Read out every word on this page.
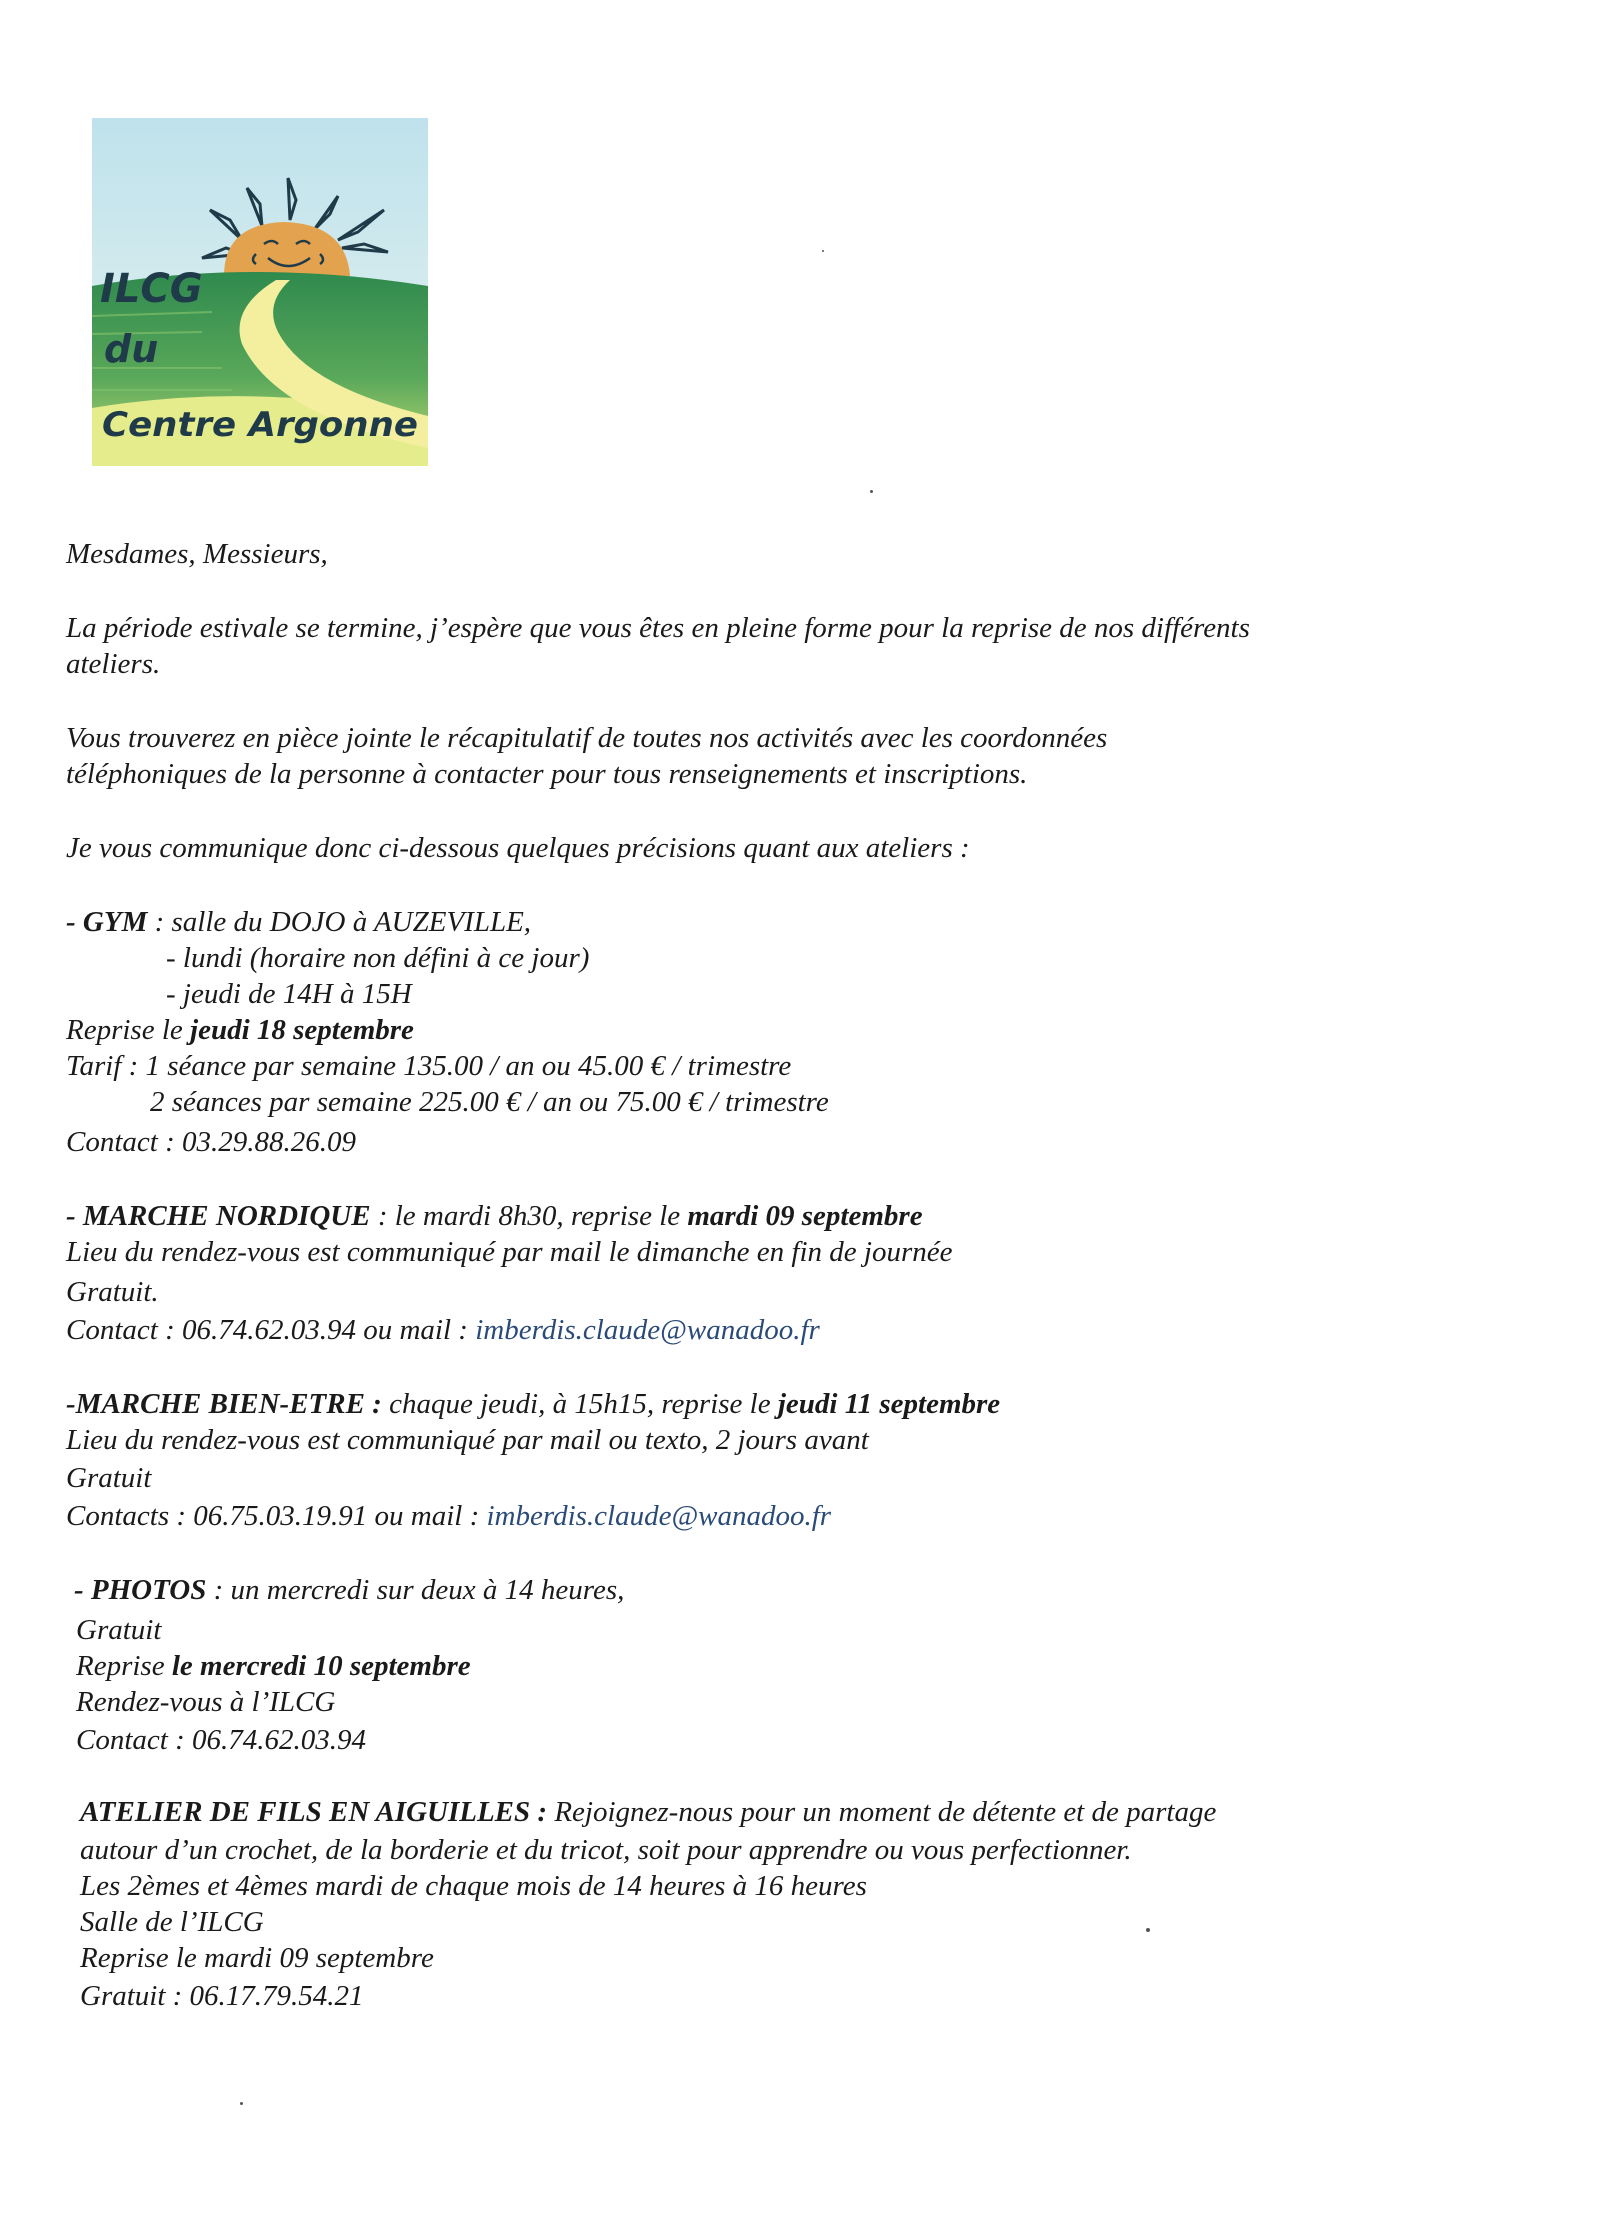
ILCG
du
Centre Argonne
Mesdames, Messieurs,
La période estivale se termine, j’espère que vous êtes en pleine forme pour la reprise de nos différents
ateliers.
Vous trouverez en pièce jointe le récapitulatif de toutes nos activités avec les coordonnées
téléphoniques de la personne à contacter pour tous renseignements et inscriptions.
Je vous communique donc ci-dessous quelques précisions quant aux ateliers :
- GYM : salle du DOJO à AUZEVILLE,
- lundi (horaire non défini à ce jour)
- jeudi de 14H à 15H
Reprise le jeudi 18 septembre
Tarif : 1 séance par semaine 135.00 / an ou 45.00 € / trimestre
2 séances par semaine 225.00 € / an ou 75.00 € / trimestre
Contact : 03.29.88.26.09
- MARCHE NORDIQUE : le mardi 8h30, reprise le mardi 09 septembre
Lieu du rendez-vous est communiqué par mail le dimanche en fin de journée
Gratuit.
Contact : 06.74.62.03.94 ou mail : imberdis.claude@wanadoo.fr
-MARCHE BIEN-ETRE : chaque jeudi, à 15h15, reprise le jeudi 11 septembre
Lieu du rendez-vous est communiqué par mail ou texto, 2 jours avant
Gratuit
Contacts : 06.75.03.19.91 ou mail : imberdis.claude@wanadoo.fr
- PHOTOS : un mercredi sur deux à 14 heures,
Gratuit
Reprise le mercredi 10 septembre
Rendez-vous à l’ILCG
Contact : 06.74.62.03.94
ATELIER DE FILS EN AIGUILLES : Rejoignez-nous pour un moment de détente et de partage
autour d’un crochet, de la borderie et du tricot, soit pour apprendre ou vous perfectionner.
Les 2èmes et 4èmes mardi de chaque mois de 14 heures à 16 heures
Salle de l’ILCG
Reprise le mardi 09 septembre
Gratuit : 06.17.79.54.21
